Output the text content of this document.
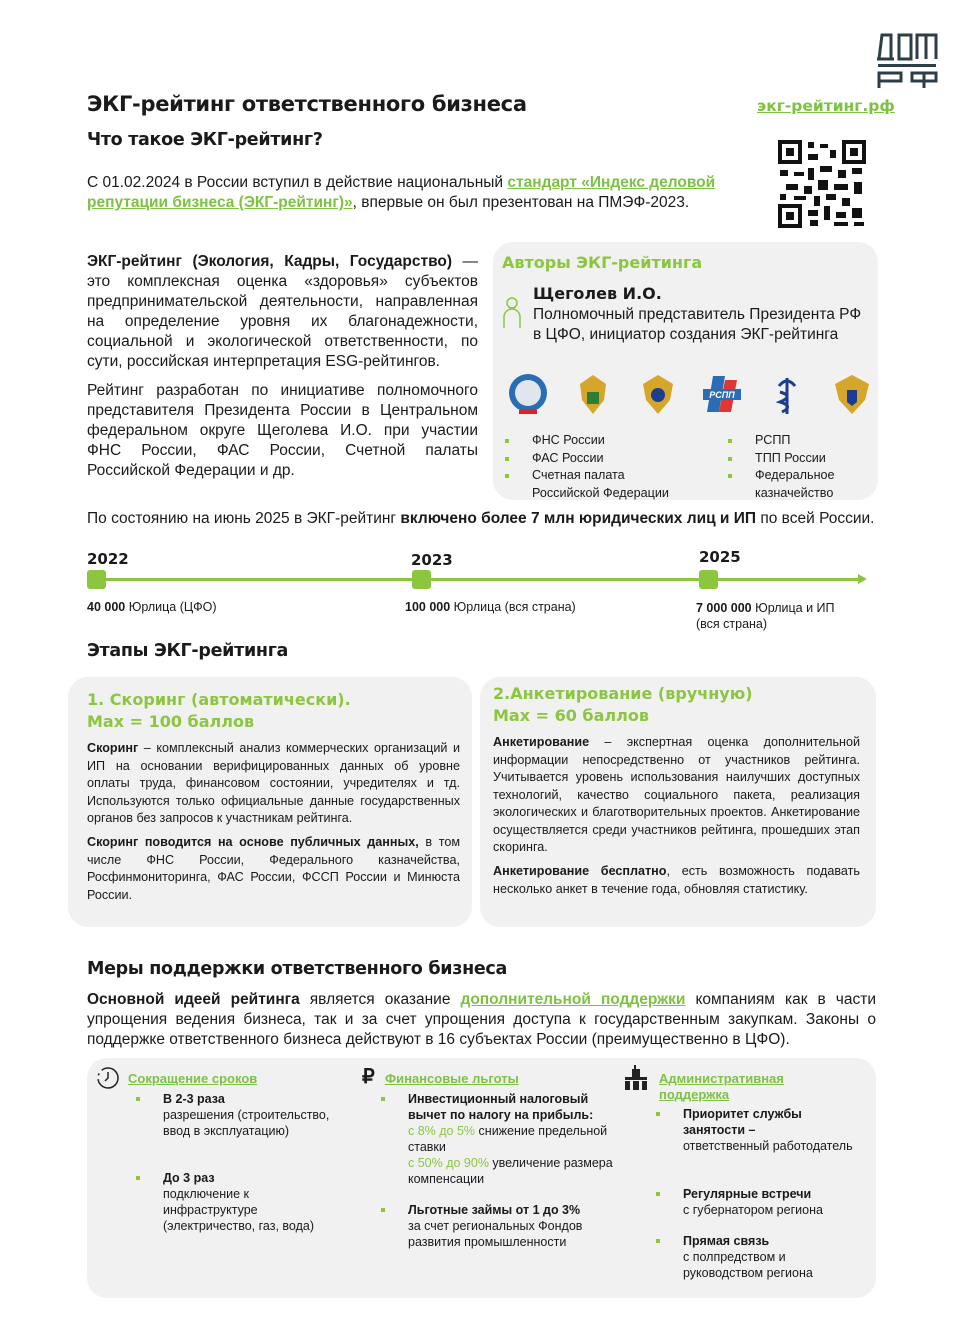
ЭКГ-рейтинг ответственного бизнеса	экг-рейтинг.рф
Что такое ЭКГ-рейтинг?

С 01.02.2024 в России вступил в действие национальный стандарт «Индекс деловой репутации бизнеса (ЭКГ-рейтинг)», впервые он был презентован на ПМЭФ-2023.

ЭКГ-рейтинг (Экология, Кадры, Государство) — это комплексная оценка «здоровья» субъектов предпринимательской деятельности, направленная на определение уровня их благонадежности, социальной и экологической ответственности, по сути, российская интерпретация ESG-рейтингов.

Рейтинг разработан по инициативе полномочного представителя Президента России в Центральном федеральном округе Щеголева И.О. при участии ФНС России, ФАС России, Счетной палаты Российской Федерации и др.

Авторы ЭКГ-рейтинга
Щеголев И.О.
Полномочный представитель Президента РФ в ЦФО, инициатор создания ЭКГ-рейтинга
РСПП
ФНС России
ФАС России
Счетная палата
Российской Федерации
РСПП
ТПП России
Федеральное
казначейство

По состоянию на июнь 2025 в ЭКГ-рейтинг включено более 7 млн юридических лиц и ИП по всей России.

2022	2023	2025
40 000 Юрлица (ЦФО)	100 000 Юрлица (вся страна)	7 000 000 Юрлица и ИП (вся страна)
Этапы ЭКГ-рейтинга
1. Скоринг (автоматически).
Max = 100 баллов

Скоринг – комплексный анализ коммерческих организаций и ИП на основании верифицированных данных об уровне оплаты труда, финансовом состоянии, учредителях и тд. Используются только официальные данные государственных органов без запросов к участникам рейтинга.

Скоринг поводится на основе публичных данных, в том числе ФНС России, Федерального казначейства, Росфинмониторинга, ФАС России, ФССП России и Минюста России.

2.Анкетирование (вручную)
Max = 60 баллов

Анкетирование – экспертная оценка дополнительной информации непосредственно от участников рейтинга. Учитывается уровень использования наилучших доступных технологий, качество социального пакета, реализация экологических и благотворительных проектов. Анкетирование осуществляется среди участников рейтинга, прошедших этап скоринга.

Анкетирование бесплатно, есть возможность подавать несколько анкет в течение года, обновляя статистику.

Меры поддержки ответственного бизнеса

Основной идеей рейтинга является оказание дополнительной поддержки компаниям как в части упрощения ведения бизнеса, так и за счет упрощения доступа к государственным закупкам. Законы о поддержке ответственного бизнеса действуют в 16 субъектах России (преимущественно в ЦФО).

Сокращение сроков
В 2-3 раза
разрешения (строительство, ввод в эксплуатацию)
До 3 раз
подключение к инфраструктуре (электричество, газ, вода)
₽ Финансовые льготы
Инвестиционный налоговый вычет по налогу на прибыль:
с 8% до 5% снижение предельной ставки
с 50% до 90% увеличение размера компенсации
Льготные займы от 1 до 3%
за счет региональных Фондов развития промышленности
Административная поддержка
Приоритет службы занятости –
ответственный работодатель
Регулярные встречи
с губернатором региона
Прямая связь
с полпредством и руководством региона
